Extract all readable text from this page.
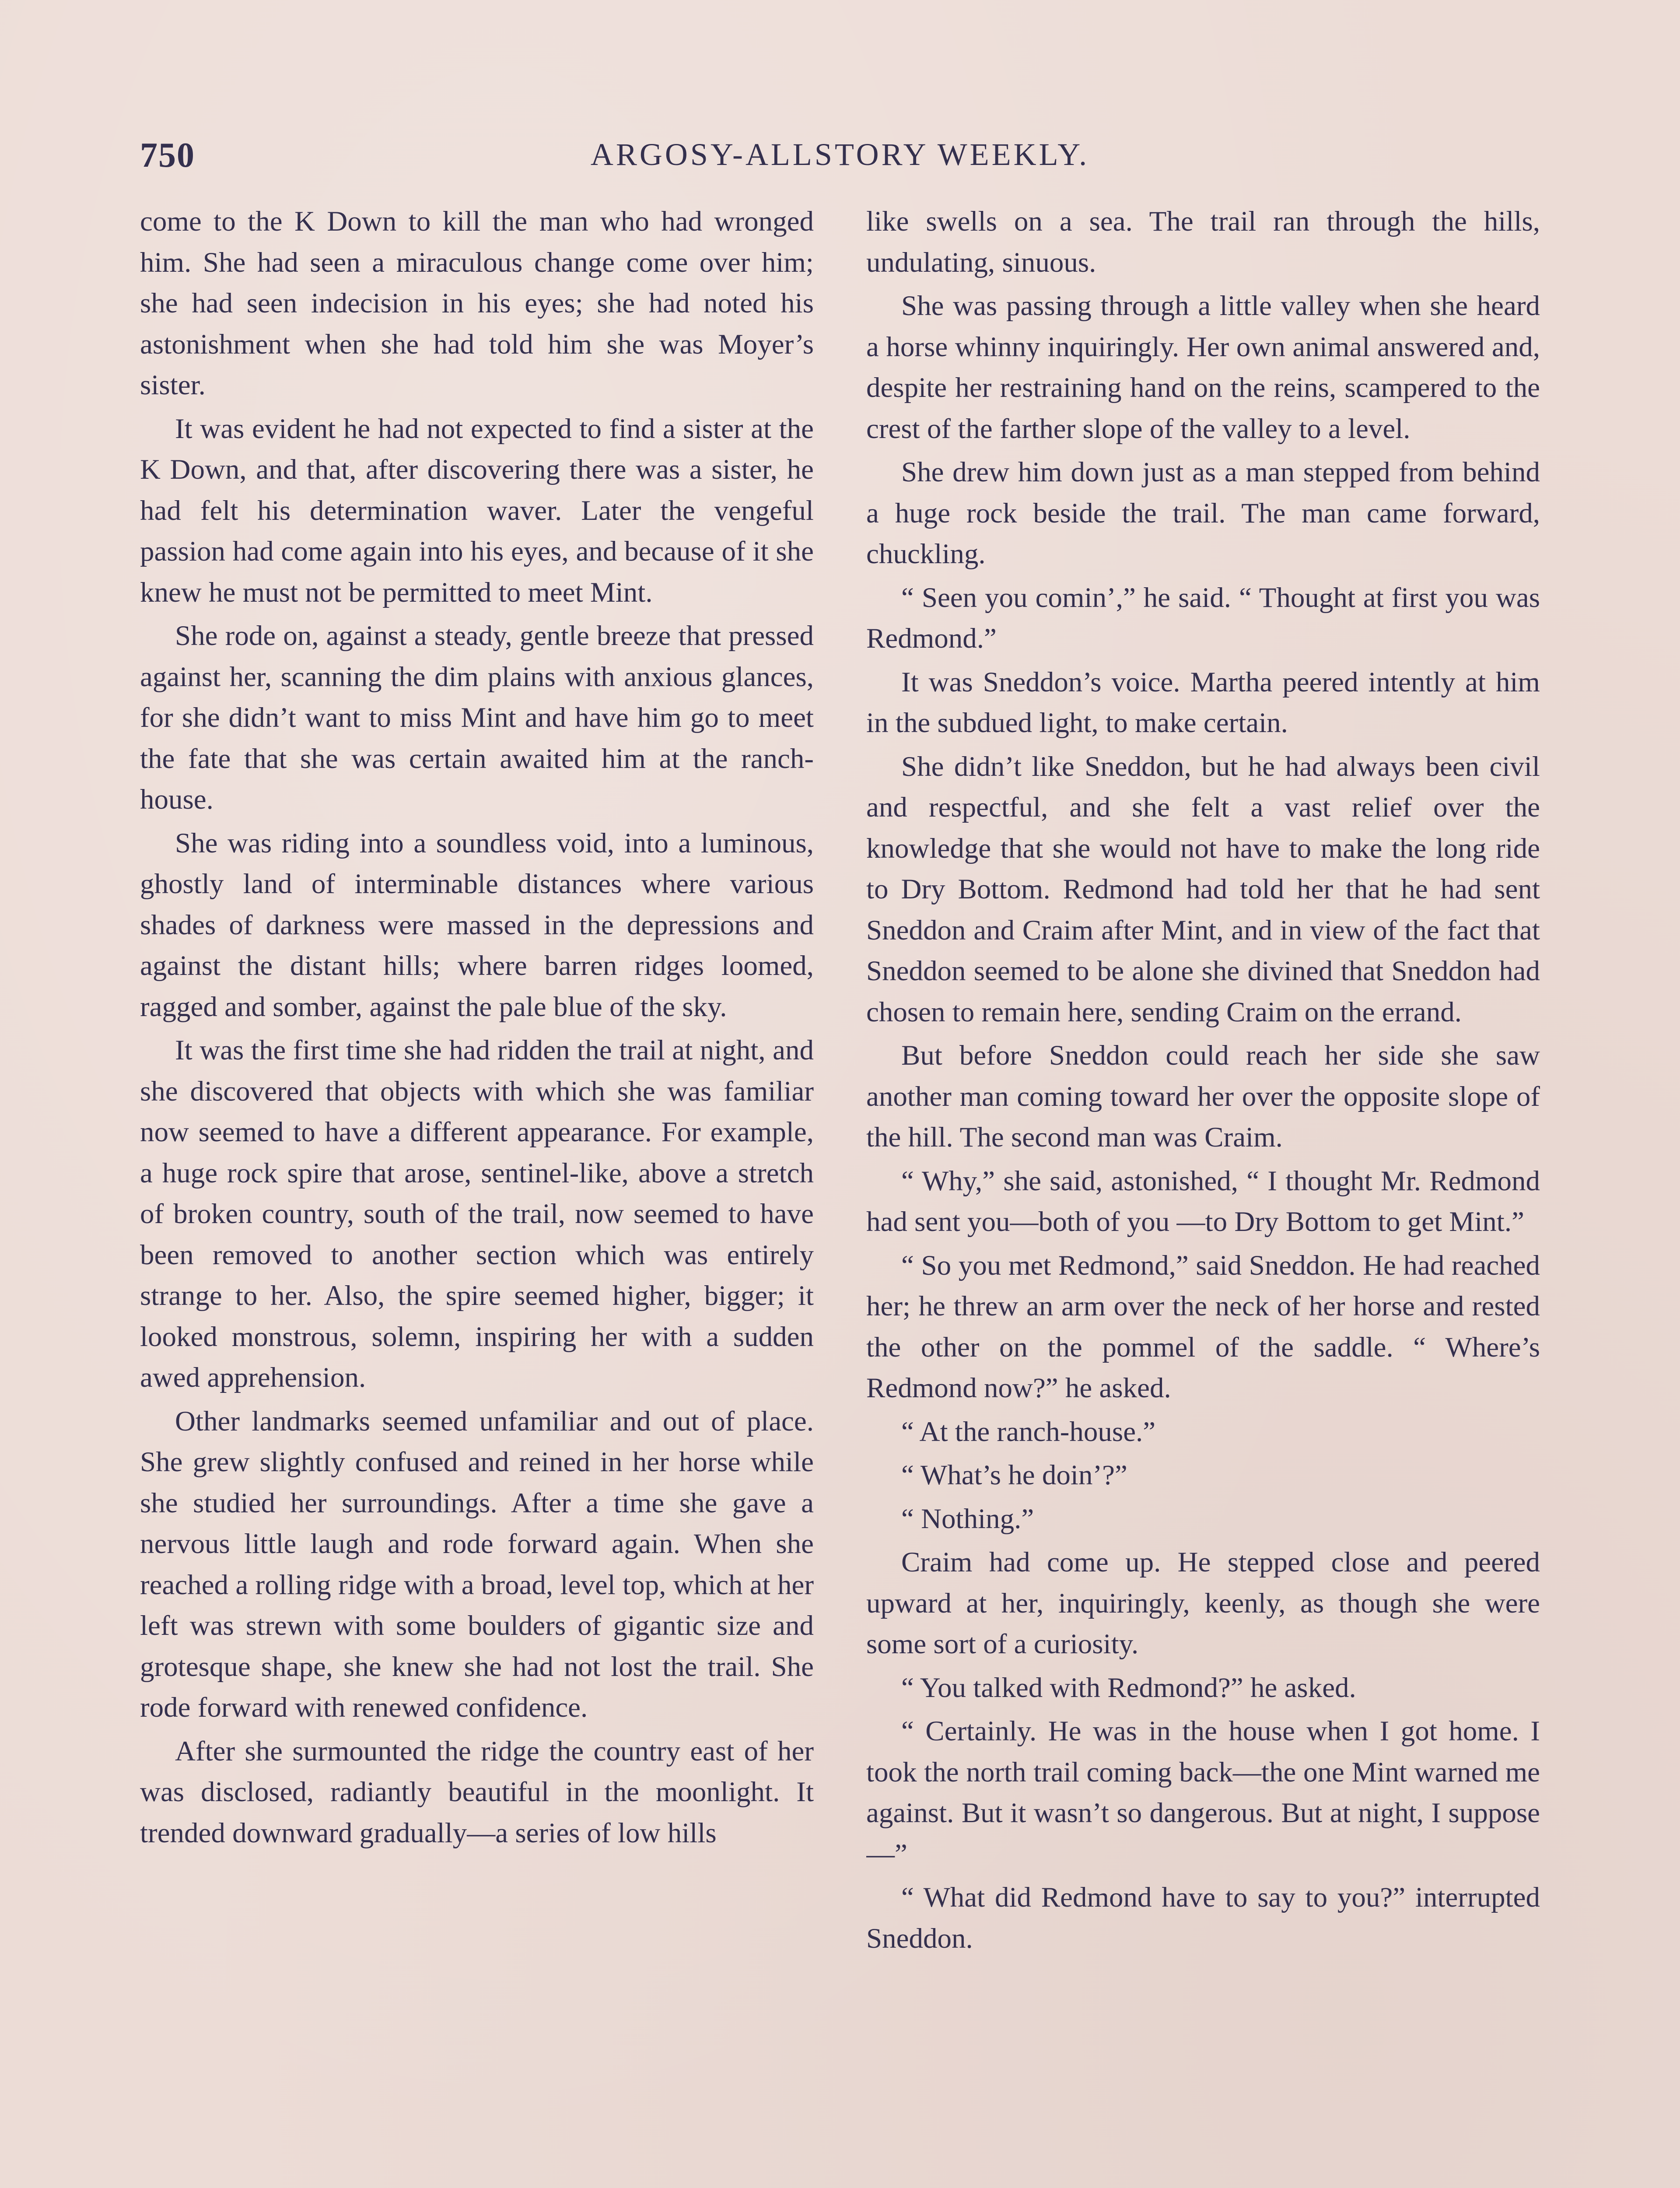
750	ARGOSY-ALLSTORY WEEKLY.

come to the K Down to kill the man who had wronged him. She had seen a miraculous change come over him; she had seen indecision in his eyes; she had noted his astonishment when she had told him she was Moyer’s sister.

It was evident he had not expected to find a sister at the K Down, and that, after discovering there was a sister, he had felt his determination waver. Later the vengeful passion had come again into his eyes, and because of it she knew he must not be permitted to meet Mint.

She rode on, against a steady, gentle breeze that pressed against her, scanning the dim plains with anxious glances, for she didn’t want to miss Mint and have him go to meet the fate that she was certain awaited him at the ranch-house.

She was riding into a soundless void, into a luminous, ghostly land of interminable distances where various shades of darkness were massed in the depressions and against the distant hills; where barren ridges loomed, ragged and somber, against the pale blue of the sky.

It was the first time she had ridden the trail at night, and she discovered that objects with which she was familiar now seemed to have a different appearance. For example, a huge rock spire that arose, sentinel-like, above a stretch of broken country, south of the trail, now seemed to have been removed to another section which was entirely strange to her. Also, the spire seemed higher, bigger; it looked monstrous, solemn, inspiring her with a sudden awed apprehension.

Other landmarks seemed unfamiliar and out of place. She grew slightly confused and reined in her horse while she studied her surroundings. After a time she gave a nervous little laugh and rode forward again. When she reached a rolling ridge with a broad, level top, which at her left was strewn with some boulders of gigantic size and grotesque shape, she knew she had not lost the trail. She rode forward with renewed confidence.

After she surmounted the ridge the country east of her was disclosed, radiantly beautiful in the moonlight. It trended downward gradually—a series of low hills

like swells on a sea. The trail ran through the hills, undulating, sinuous.

She was passing through a little valley when she heard a horse whinny inquiringly. Her own animal answered and, despite her restraining hand on the reins, scampered to the crest of the farther slope of the valley to a level.

She drew him down just as a man stepped from behind a huge rock beside the trail. The man came forward, chuckling.

“ Seen you comin’,” he said. “ Thought at first you was Redmond.”

It was Sneddon’s voice. Martha peered intently at him in the subdued light, to make certain.

She didn’t like Sneddon, but he had always been civil and respectful, and she felt a vast relief over the knowledge that she would not have to make the long ride to Dry Bottom. Redmond had told her that he had sent Sneddon and Craim after Mint, and in view of the fact that Sneddon seemed to be alone she divined that Sneddon had chosen to remain here, sending Craim on the errand.

But before Sneddon could reach her side she saw another man coming toward her over the opposite slope of the hill. The second man was Craim.

“ Why,” she said, astonished, “ I thought Mr. Redmond had sent you—both of you —to Dry Bottom to get Mint.”

“ So you met Redmond,” said Sneddon. He had reached her; he threw an arm over the neck of her horse and rested the other on the pommel of the saddle. “ Where’s Redmond now?” he asked.

“ At the ranch-house.”

“ What’s he doin’?”

“ Nothing.”

Craim had come up. He stepped close and peered upward at her, inquiringly, keenly, as though she were some sort of a curiosity.

“ You talked with Redmond?” he asked.

“ Certainly. He was in the house when I got home. I took the north trail coming back—the one Mint warned me against. But it wasn’t so dangerous. But at night, I suppose—”

“ What did Redmond have to say to you?” interrupted Sneddon.
